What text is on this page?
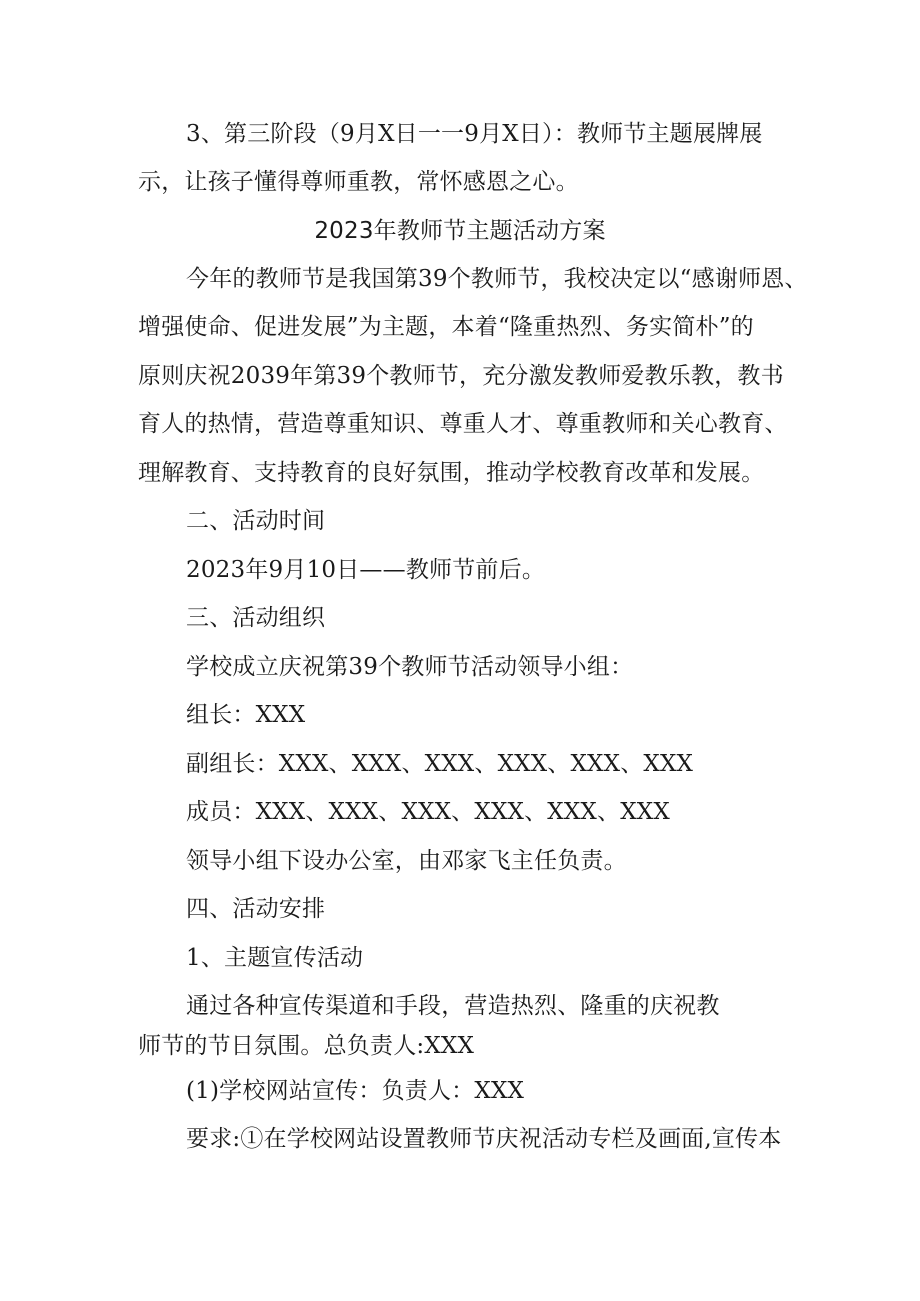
3、第三阶段（9月X日一一9月X日）：教师节主题展牌展
示，让孩子懂得尊师重教，常怀感恩之心。
2023年教师节主题活动方案
今年的教师节是我国第39个教师节，我校决定以“感谢师恩、
增强使命、促进发展”为主题，本着“隆重热烈、务实简朴”的
原则庆祝2039年第39个教师节，充分激发教师爱教乐教，教书
育人的热情，营造尊重知识、尊重人才、尊重教师和关心教育、
理解教育、支持教育的良好氛围，推动学校教育改革和发展。
二、活动时间
2023年9月10日——教师节前后。
三、活动组织
学校成立庆祝第39个教师节活动领导小组：
组长：XXX
副组长：XXX、XXX、XXX、XXX、XXX、XXX
成员：XXX、XXX、XXX、XXX、XXX、XXX
领导小组下设办公室，由邓家飞主任负责。
四、活动安排
1、主题宣传活动
通过各种宣传渠道和手段，营造热烈、隆重的庆祝教
师节的节日氛围。总负责人:XXX
(1)学校网站宣传：负责人：XXX
要求:①在学校网站设置教师节庆祝活动专栏及画面,宣传本
